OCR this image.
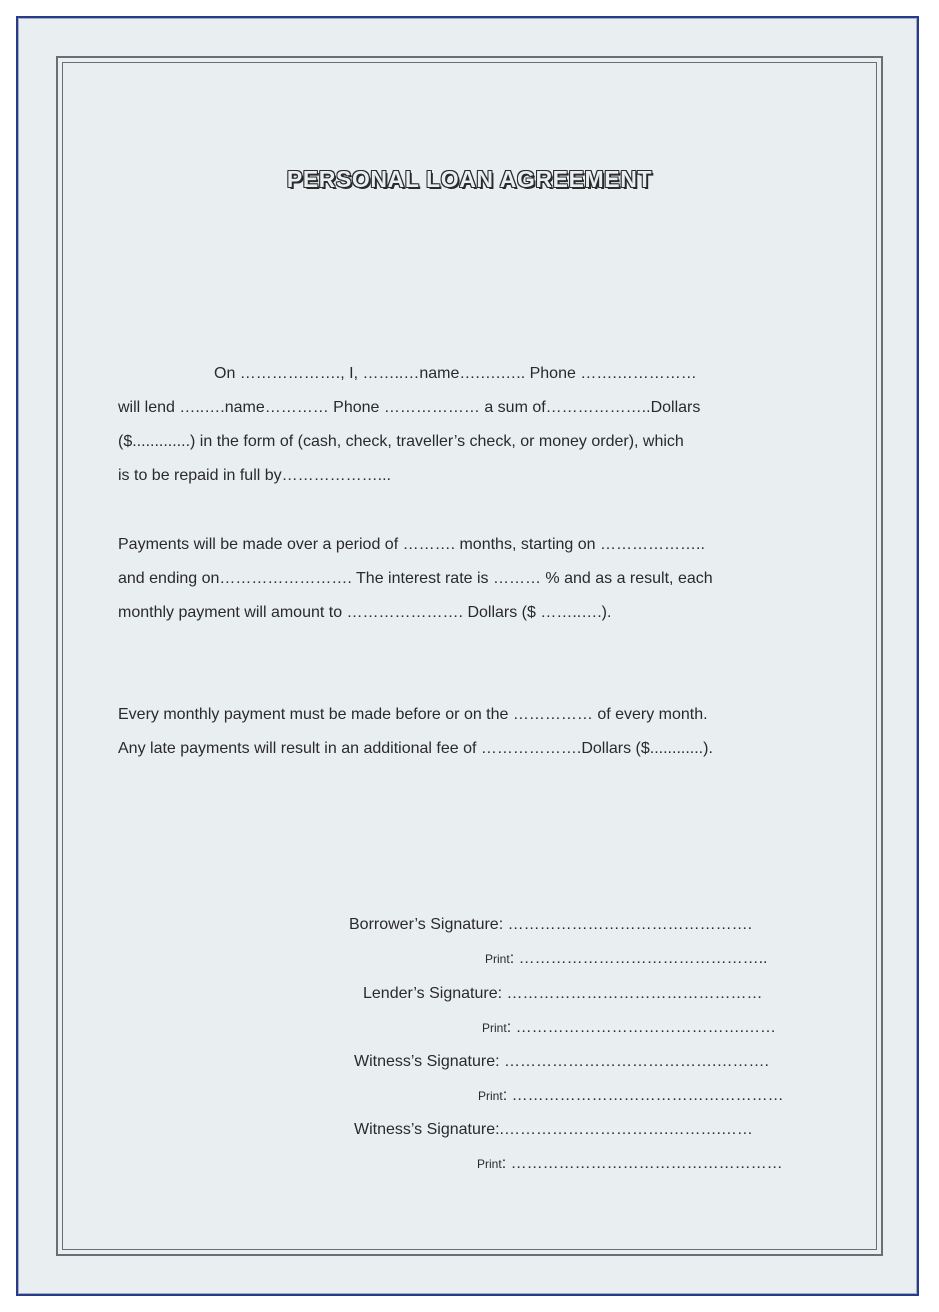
PERSONAL LOAN AGREEMENT
On ………………., I, ……..…name….….….. Phone …….……………
will lend …..….name………… Phone ……………… a sum of………………..Dollars
($.............) in the form of (cash, check, traveller’s check, or money order), which
is to be repaid in full by………………...
Payments will be made over a period of ………. months, starting on ………………..
and ending on……………………. The interest rate is ……… % and as a result, each
monthly payment will amount to …………………. Dollars ($ ……..….).
Every monthly payment must be made before or on the …………… of every month.
Any late payments will result in an additional fee of ……………….Dollars ($............).
Borrower’s Signature: ……………………………………….
Print: ………………………………………..
Lender’s Signature: …………………………………………
Print: …………………………………….……
Witness’s Signature: ………………………………….……….
Print: ……………………………………………
Witness’s Signature:.………………………….……….……
Print: ……………………………………………
